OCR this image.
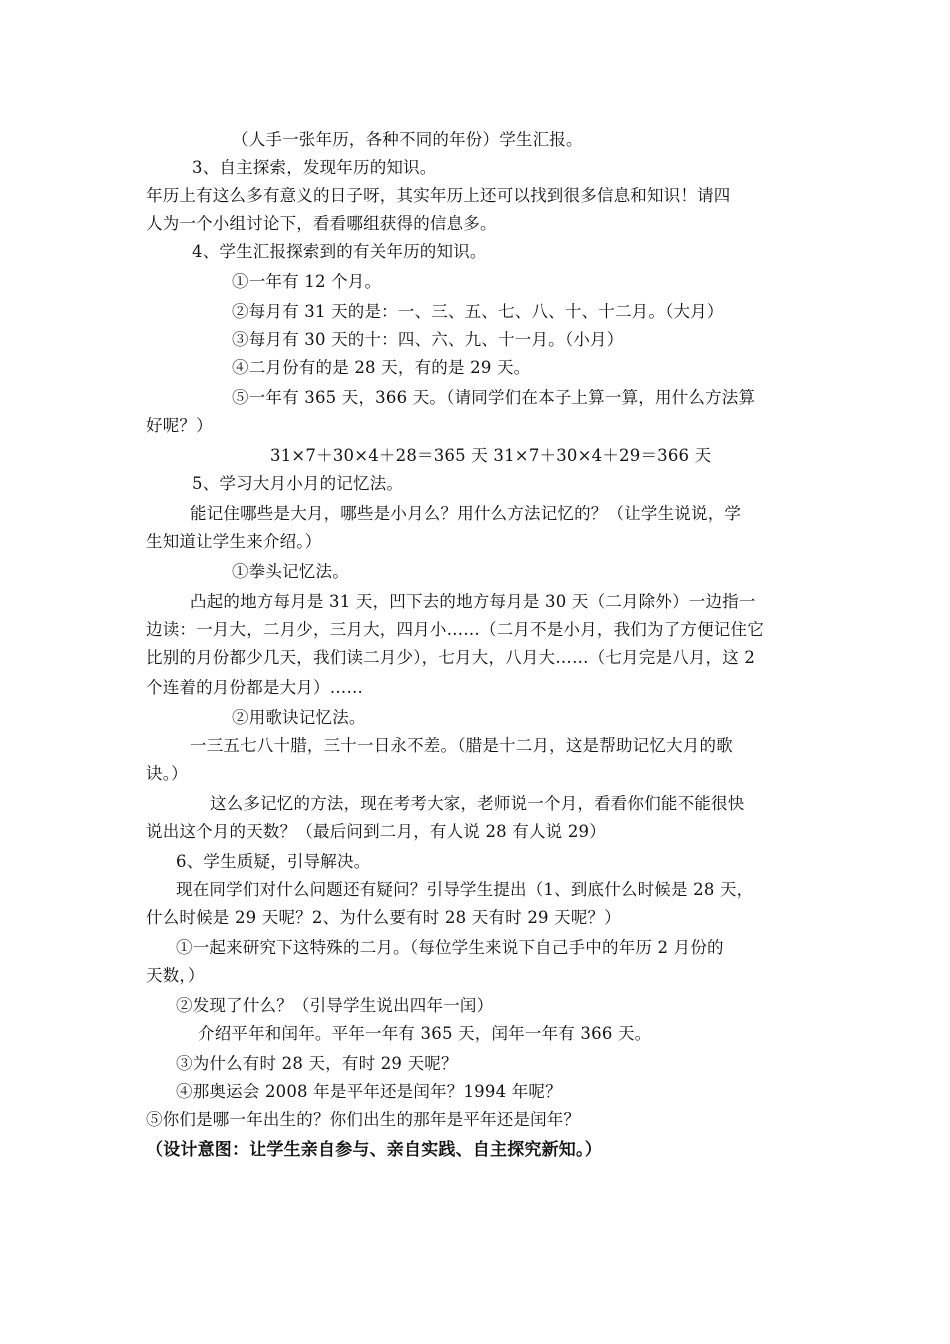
（人手一张年历，各种不同的年份）学生汇报。
3、自主探索，发现年历的知识。
年历上有这么多有意义的日子呀，其实年历上还可以找到很多信息和知识！请四
人为一个小组讨论下，看看哪组获得的信息多。
4、学生汇报探索到的有关年历的知识。
①一年有 12 个月。
②每月有 31 天的是：一、三、五、七、八、十、十二月。（大月）
③每月有 30 天的十：四、六、九、十一月。（小月）
④二月份有的是 28 天，有的是 29 天。
⑤一年有 365 天，366 天。（请同学们在本子上算一算，用什么方法算
好呢？）
31×7＋30×4＋28＝365 天 31×7＋30×4＋29＝366 天
5、学习大月小月的记忆法。
能记住哪些是大月，哪些是小月么？用什么方法记忆的？（让学生说说，学
生知道让学生来介绍。）
①拳头记忆法。
凸起的地方每月是 31 天，凹下去的地方每月是 30 天（二月除外）一边指一
边读：一月大，二月少，三月大，四月小……（二月不是小月，我们为了方便记住它
比别的月份都少几天，我们读二月少），七月大，八月大……（七月完是八月，这 2
个连着的月份都是大月）……
②用歌诀记忆法。
一三五七八十腊，三十一日永不差。（腊是十二月，这是帮助记忆大月的歌
诀。）
这么多记忆的方法，现在考考大家，老师说一个月，看看你们能不能很快
说出这个月的天数？（最后问到二月，有人说 28 有人说 29）
6、学生质疑，引导解决。
现在同学们对什么问题还有疑问？引导学生提出（1、到底什么时候是 28 天，
什么时候是 29 天呢？2、为什么要有时 28 天有时 29 天呢？）
①一起来研究下这特殊的二月。（每位学生来说下自己手中的年历 2 月份的
天数，）
②发现了什么？（引导学生说出四年一闰）
介绍平年和闰年。平年一年有 365 天，闰年一年有 366 天。
③为什么有时 28 天，有时 29 天呢？
④那奥运会 2008 年是平年还是闰年？1994 年呢？
⑤你们是哪一年出生的？你们出生的那年是平年还是闰年？
（设计意图：让学生亲自参与、亲自实践、自主探究新知。）
